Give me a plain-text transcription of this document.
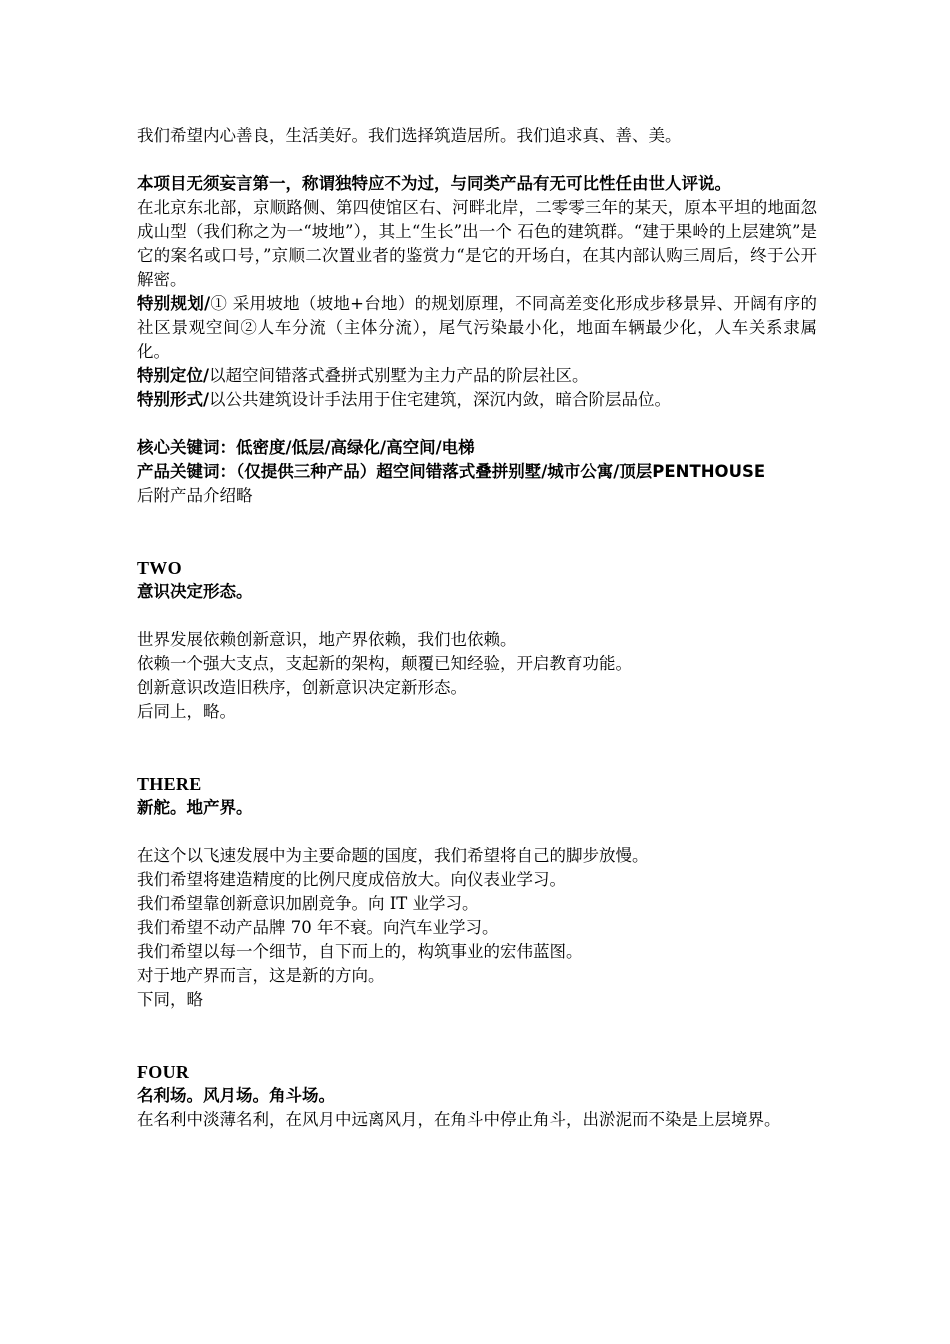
我们希望内心善良，生活美好。我们选择筑造居所。我们追求真、善、美。

本项目无须妄言第一，称谓独特应不为过，与同类产品有无可比性任由世人评说。

在北京东北部，京顺路侧、第四使馆区右、河畔北岸，二零零三年的某天，原本平坦的地面忽成山型（我们称之为一“坡地”），其上“生长”出一个 石色的建筑群。“建于果岭的上层建筑”是它的案名或口号，”京顺二次置业者的鉴赏力“是它的开场白，在其内部认购三周后，终于公开解密。

特别规划/① 采用坡地（坡地+台地）的规划原理，不同高差变化形成步移景异、开阔有序的社区景观空间②人车分流（主体分流），尾气污染最小化，地面车辆最少化，人车关系隶属化。

特别定位/以超空间错落式叠拼式别墅为主力产品的阶层社区。

特别形式/以公共建筑设计手法用于住宅建筑，深沉内敛，暗合阶层品位。

核心关键词：低密度/低层/高绿化/高空间/电梯

产品关键词：（仅提供三种产品）超空间错落式叠拼别墅/城市公寓/顶层PENTHOUSE

后附产品介绍略

TWO

意识决定形态。

世界发展依赖创新意识，地产界依赖，我们也依赖。

依赖一个强大支点，支起新的架构，颠覆已知经验，开启教育功能。

创新意识改造旧秩序，创新意识决定新形态。

后同上，略。

THERE

新舵。地产界。

在这个以飞速发展中为主要命题的国度，我们希望将自己的脚步放慢。

我们希望将建造精度的比例尺度成倍放大。向仪表业学习。

我们希望靠创新意识加剧竞争。向 IT 业学习。

我们希望不动产品牌 70 年不衰。向汽车业学习。

我们希望以每一个细节，自下而上的，构筑事业的宏伟蓝图。

对于地产界而言，这是新的方向。

下同，略

FOUR

名利场。风月场。角斗场。

在名利中淡薄名利，在风月中远离风月，在角斗中停止角斗，出淤泥而不染是上层境界。
